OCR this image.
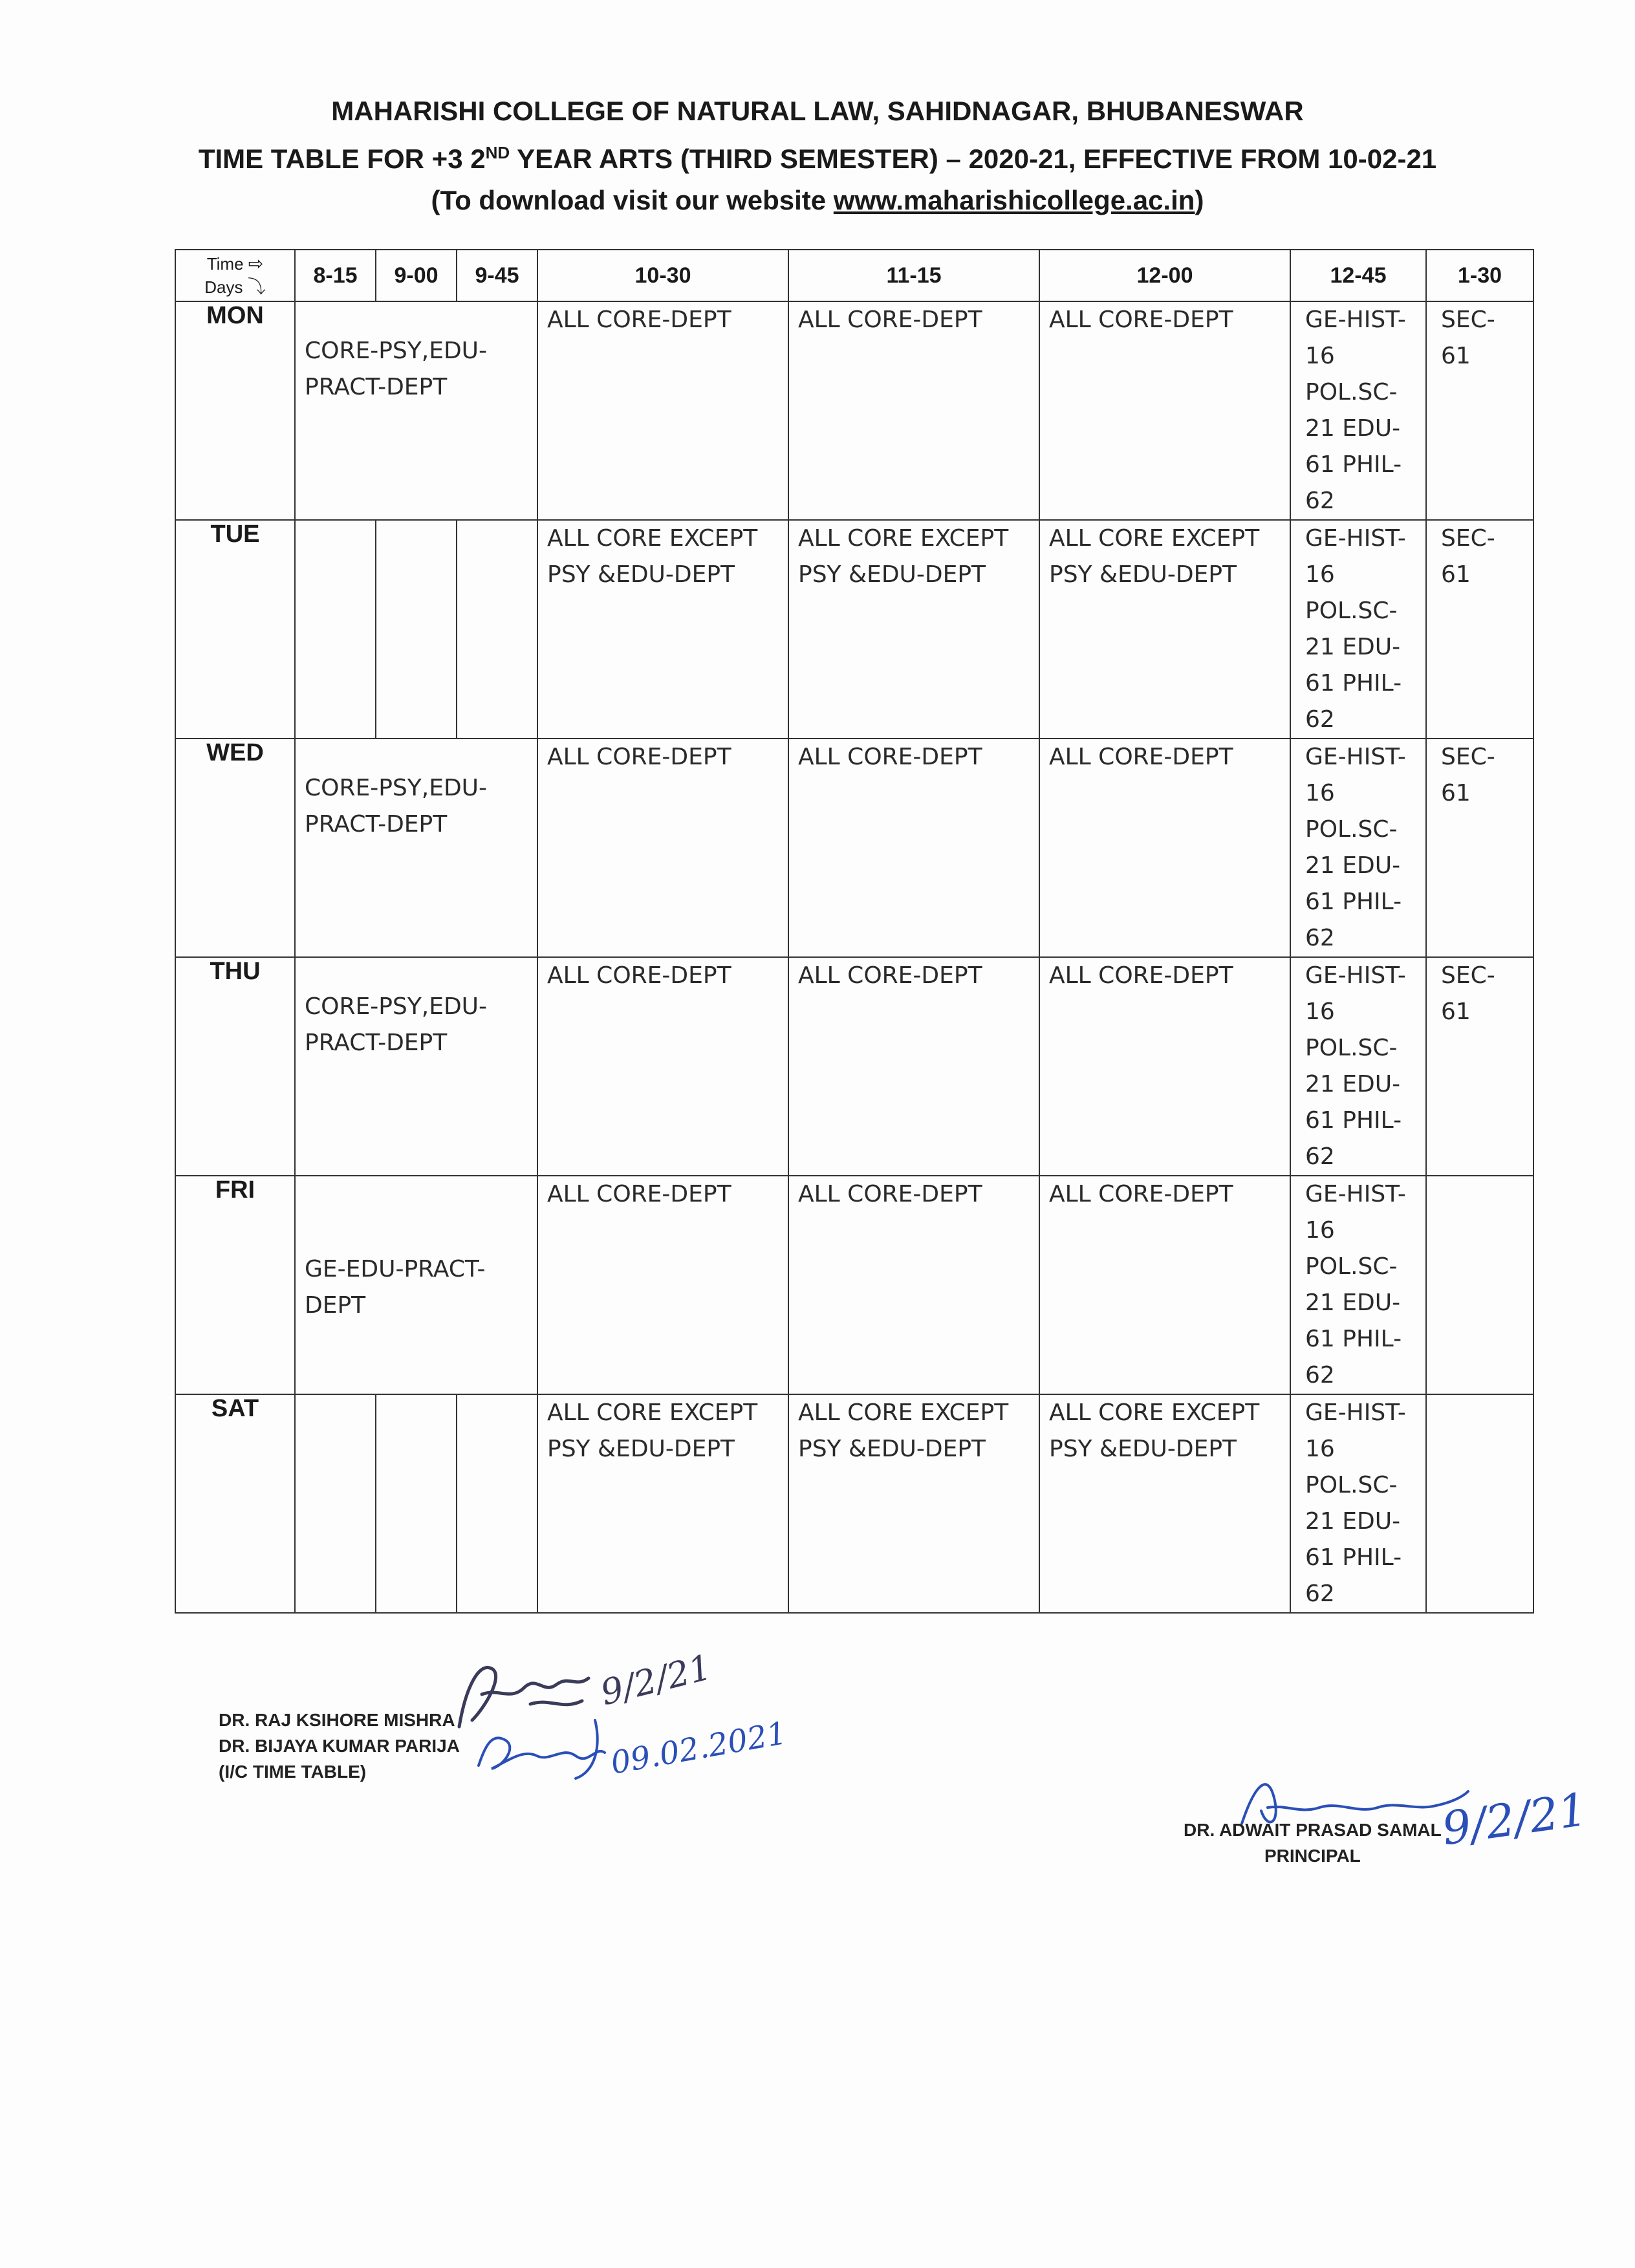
MAHARISHI COLLEGE OF NATURAL LAW, SAHIDNAGAR, BHUBANESWAR
TIME TABLE FOR +3 2ND YEAR ARTS (THIRD SEMESTER) – 2020-21, EFFECTIVE FROM 10-02-21
(To download visit our website www.maharishicollege.ac.in)
Time ⇨
Days ⤵	8-15	9-00	9-45	10-30	11-15	12-00	12-45	1-30
MON	CORE-PSY,EDU-PRACT-DEPT			ALL CORE-DEPT	ALL CORE-DEPT	ALL CORE-DEPT	GE-HIST-16 POL.SC-21 EDU-61 PHIL-62	SEC-61

TUE				ALL CORE EXCEPT PSY &EDU-DEPT	ALL CORE EXCEPT PSY &EDU-DEPT	ALL CORE EXCEPT PSY &EDU-DEPT	GE-HIST-16 POL.SC-21 EDU-61 PHIL-62	SEC-61

WED	CORE-PSY,EDU-PRACT-DEPT			ALL CORE-DEPT	ALL CORE-DEPT	ALL CORE-DEPT	GE-HIST-16 POL.SC-21 EDU-61 PHIL-62	SEC-61

THU	CORE-PSY,EDU-PRACT-DEPT			ALL CORE-DEPT	ALL CORE-DEPT	ALL CORE-DEPT	GE-HIST-16 POL.SC-21 EDU-61 PHIL-62	SEC-61

FRI	GE-EDU-PRACT-DEPT			ALL CORE-DEPT	ALL CORE-DEPT	ALL CORE-DEPT	GE-HIST-16 POL.SC-21 EDU-61 PHIL-62	

SAT				ALL CORE EXCEPT PSY &EDU-DEPT	ALL CORE EXCEPT PSY &EDU-DEPT	ALL CORE EXCEPT PSY &EDU-DEPT	GE-HIST-16 POL.SC-21 EDU-61 PHIL-62	

DR. RAJ KSIHORE MISHRA
DR. BIJAYA KUMAR PARIJA
(I/C TIME TABLE)
9/2/21
09.02.2021
9/2/21
DR. ADWAIT PRASAD SAMAL
PRINCIPAL
